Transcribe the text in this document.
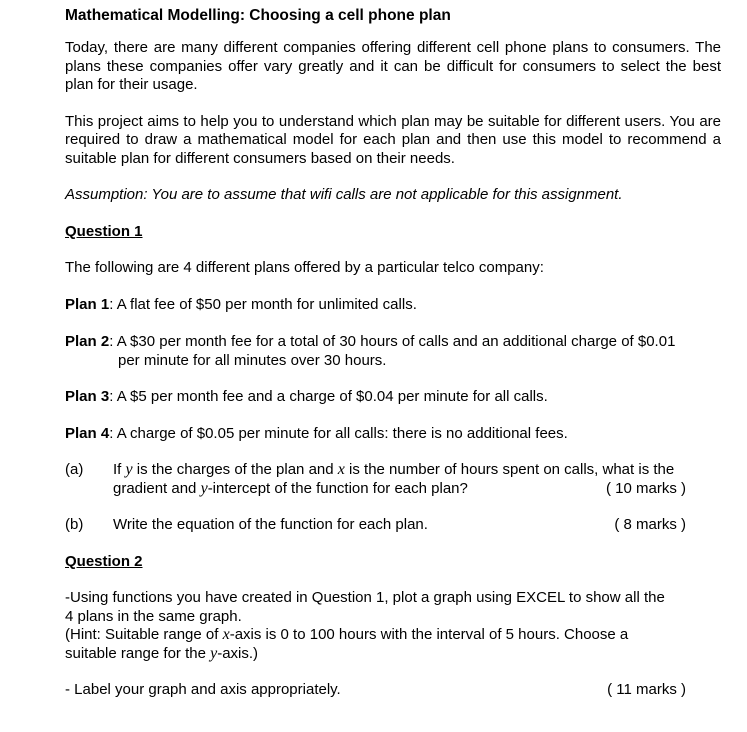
Mathematical Modelling: Choosing a cell phone plan

Today, there are many different companies offering different cell phone plans to consumers. The plans these companies offer vary greatly and it can be difficult for consumers to select the best plan for their usage.

This project aims to help you to understand which plan may be suitable for different users. You are required to draw a mathematical model for each plan and then use this model to recommend a suitable plan for different consumers based on their needs.

Assumption: You are to assume that wifi calls are not applicable for this assignment.

Question 1

The following are 4 different plans offered by a particular telco company:

Plan 1: A flat fee of $50 per month for unlimited calls.

Plan 2: A $30 per month fee for a total of 30 hours of calls and an additional charge of $0.01

per minute for all minutes over 30 hours.

Plan 3: A $5 per month fee and a charge of $0.04 per minute for all calls.

Plan 4: A charge of $0.05 per minute for all calls: there is no additional fees.

(a) If y is the charges of the plan and x is the number of hours spent on calls, what is the

gradient and y-intercept of the function for each plan?	( 10 marks )

(b) Write the equation of the function for each plan.	( 8 marks )

Question 2

-Using functions you have created in Question 1, plot a graph using EXCEL to show all the

4 plans in the same graph.

(Hint: Suitable range of x-axis is 0 to 100 hours with the interval of 5 hours. Choose a

suitable range for the y-axis.)

- Label your graph and axis appropriately.	( 11 marks )
